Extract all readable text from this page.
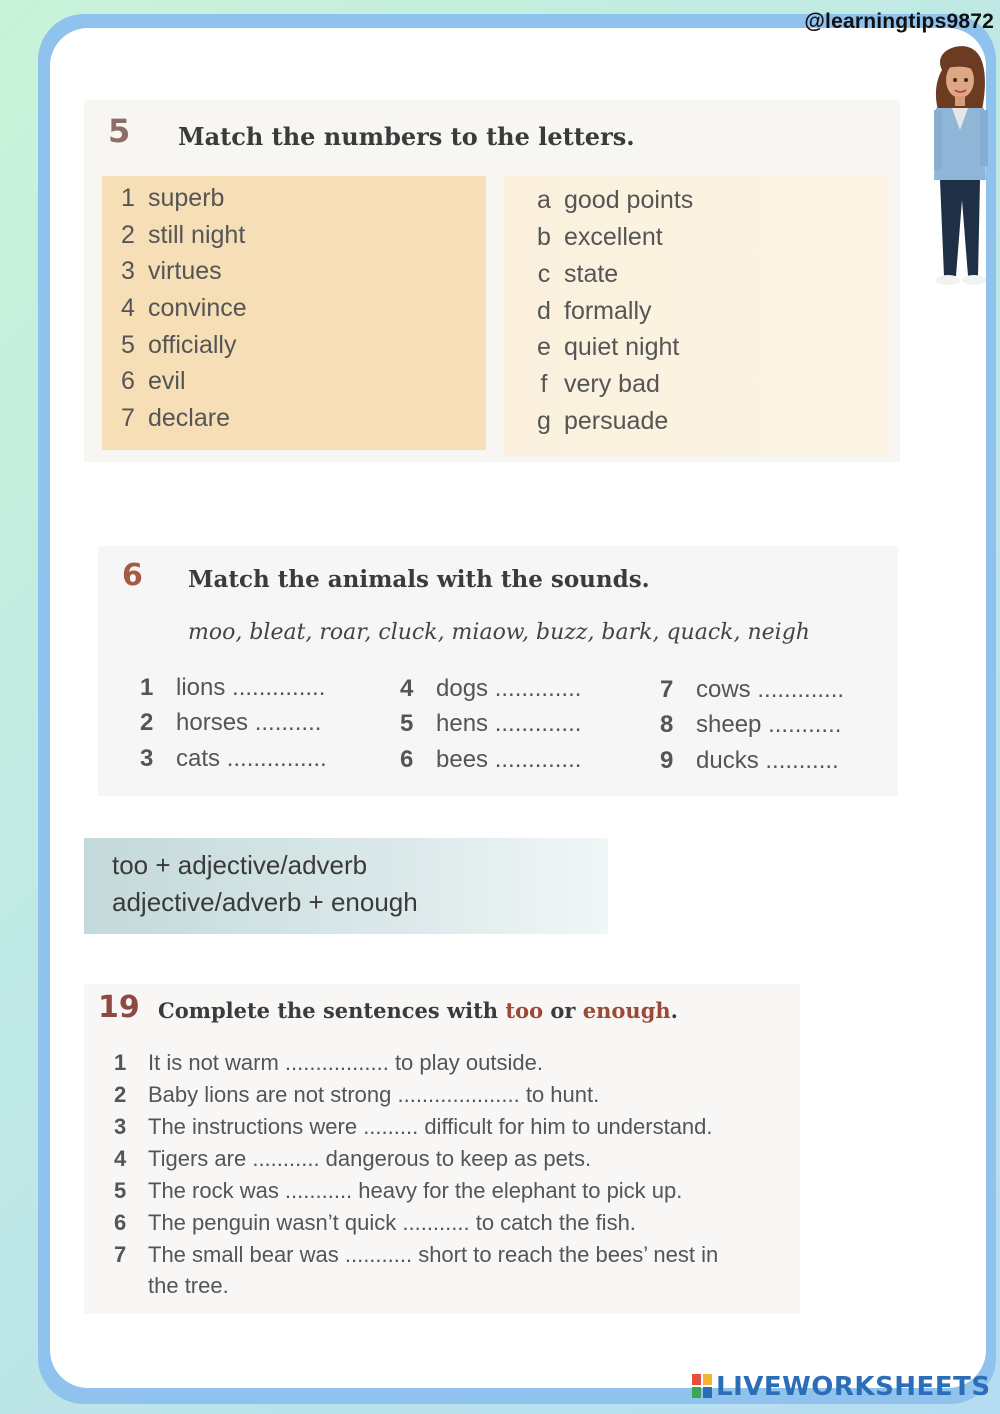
@learningtips9872
5 Match the numbers to the letters.
1 superb
2 still night
3 virtues
4 convince
5 officially
6 evil
7 declare
a good points
b excellent
c state
d formally
e quiet night
f very bad
g persuade
6 Match the animals with the sounds.
moo, bleat, roar, cluck, miaow, buzz, bark, quack, neigh
1 lions ..............
2 horses ..........
3 cats ...............
4 dogs .............
5 hens .............
6 bees .............
7 cows .............
8 sheep ...........
9 ducks ...........
too + adjective/adverb
adjective/adverb + enough
19 Complete the sentences with too or enough.
1 It is not warm ................. to play outside.
2 Baby lions are not strong .................... to hunt.
3 The instructions were ......... difficult for him to understand.
4 Tigers are ........... dangerous to keep as pets.
5 The rock was ........... heavy for the elephant to pick up.
6 The penguin wasn’t quick ........... to catch the fish.
7 The small bear was ........... short to reach the bees’ nest in
the tree.
LIVEWORKSHEETS
